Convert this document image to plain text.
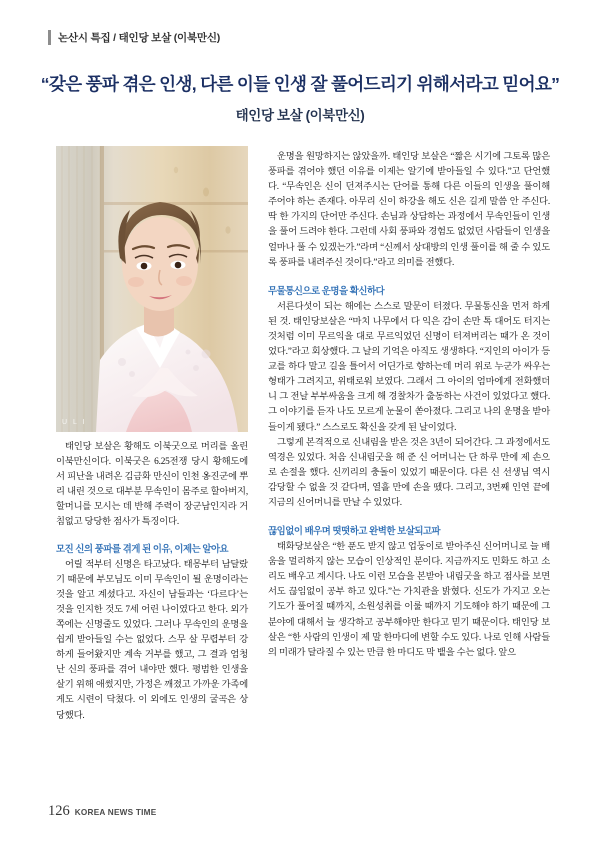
논산시 특집 / 태인당 보살 (이북만신)
“갖은 풍파 겪은 인생, 다른 이들 인생 잘 풀어드리기 위해서라고 믿어요”
태인당 보살 (이북만신)
U L I

태인당 보살은 황해도 이북굿으로 머리를 올린 이북만신이다. 이북굿은 6.25전쟁 당시 황해도에서 피난을 내려온 김금화 만신이 인천 옹진군에 뿌리 내린 것으로 대부분 무속인이 몸주로 할아버지, 할머니를 모시는 데 반해 주력이 장군남인지라 거침없고 당당한 점사가 특징이다.

모진 신의 풍파를 겪게 된 이유, 이제는 알아요

어릴 적부터 신명은 타고났다. 태몽부터 남달랐기 때문에 부모님도 이미 무속인이 될 운명이라는 것을 알고 계셨다고. 자신이 남들과는 ‘다르다’는 것을 인지한 것도 7세 어린 나이였다고 한다. 외가 쪽에는 신명줄도 있었다. 그러나 무속인의 운명을 쉽게 받아들일 수는 없었다. 스무 살 무렵부터 강하게 들어왔지만 계속 거부를 했고, 그 결과 엄청난 신의 풍파를 겪어 내야만 했다. 평범한 인생을 살기 위해 애썼지만, 가정은 깨졌고 가까운 가족에게도 시련이 닥쳤다. 이 외에도 인생의 굴곡은 상당했다.

운명을 원망하지는 않았을까. 태인당 보살은 “짧은 시기에 그토록 많은 풍파를 겪어야 했던 이유를 이제는 알기에 받아들일 수 있다.”고 단언했다. “무속인은 신이 던져주시는 단어를 통해 다른 이들의 인생을 풀이해 주어야 하는 존재다. 아무리 신이 하강을 해도 신은 길게 말씀 안 주신다. 딱 한 가지의 단어만 주신다. 손님과 상담하는 과정에서 무속인들이 인생을 풀어 드려야 한다. 그런데 사회 풍파와 경험도 없었던 사람들이 인생을 얼마나 풀 수 있겠는가.”라며 “신께서 상대방의 인생 풀이를 해 줄 수 있도록 풍파를 내려주신 것이다.”라고 의미를 전했다.

무물통신으로 운명을 확신하다

서른다섯이 되는 해에는 스스로 말문이 터졌다. 무물통신을 먼저 하게 된 것. 태인당보살은 “마치 나무에서 다 익은 감이 손만 톡 대어도 터지는 것처럼 이미 무르익을 대로 무르익었던 신명이 터져버리는 때가 온 것이었다.”라고 회상했다. 그 날의 기억은 아직도 생생하다. “지인의 아이가 등교를 하다 말고 길을 틀어서 어딘가로 향하는데 머리 위로 누군가 싸우는 형태가 그려지고, 위태로워 보였다. 그래서 그 아이의 엄마에게 전화했더니 그 전날 부부싸움을 크게 해 경찰차가 출동하는 사건이 있었다고 했다. 그 이야기를 듣자 나도 모르게 눈물이 쏟아졌다. 그리고 나의 운명을 받아들이게 됐다.” 스스로도 확신을 갖게 된 날이었다.

그렇게 본격적으로 신내림을 받은 것은 3년이 되어간다. 그 과정에서도 역경은 있었다. 처음 신내림굿을 해 준 신 어머니는 단 하루 만에 제 손으로 손절을 했다. 신끼리의 충돌이 있었기 때문이다. 다른 신 선생님 역시 감당할 수 없을 것 같다며, 열흘 만에 손을 뗐다. 그리고, 3번째 인연 끝에 지금의 신어머니를 만날 수 있었다.

끊임없이 배우며 떳떳하고 완벽한 보살되고파

태화당보살은 “한 푼도 받지 않고 업둥이로 받아주신 신어머니로 늘 배움을 멀리하지 않는 모습이 인상적인 분이다. 지금까지도 민화도 하고 소리도 배우고 계시다. 나도 이런 모습을 본받아 내림굿을 하고 점사를 보면서도 끊임없이 공부 하고 있다.”는 가치관을 밝혔다. 신도가 가지고 오는 기도가 풀어질 때까지, 소원성취를 이룰 때까지 기도해야 하기 때문에 그 분야에 대해서 늘 생각하고 공부해야만 한다고 믿기 때문이다. 태인당 보살은 “한 사람의 인생이 제 말 한마디에 변할 수도 있다. 나로 인해 사람들의 미래가 달라질 수 있는 만큼 한 마디도 막 뱉을 수는 없다. 앞으

126 KOREA NEWS TIME
